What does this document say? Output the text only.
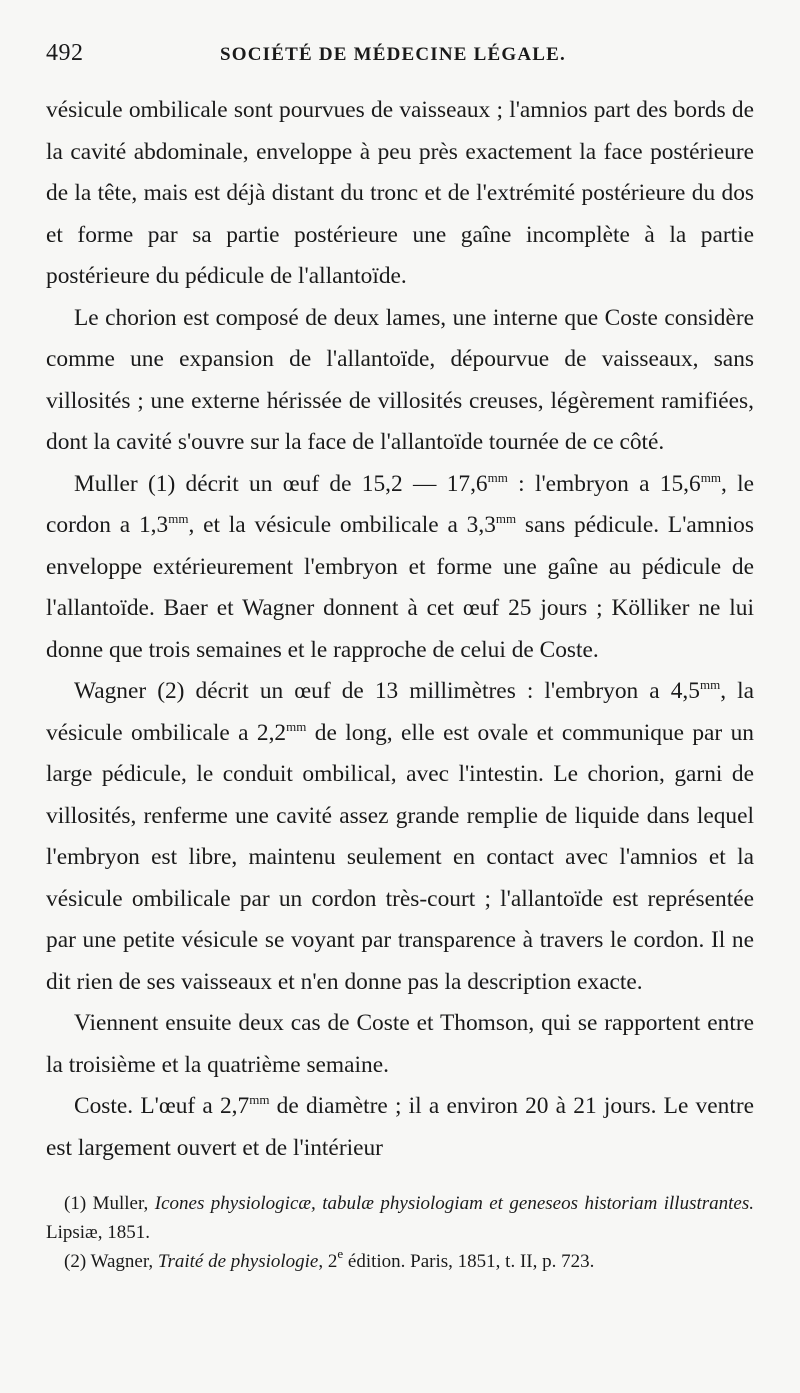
492	SOCIÉTÉ DE MÉDECINE LÉGALE.

vésicule ombilicale sont pourvues de vaisseaux ; l'amnios part des bords de la cavité abdominale, enveloppe à peu près exactement la face postérieure de la tête, mais est déjà distant du tronc et de l'extrémité postérieure du dos et forme par sa partie postérieure une gaîne incomplète à la partie postérieure du pédicule de l'allantoïde.

Le chorion est composé de deux lames, une interne que Coste considère comme une expansion de l'allantoïde, dépourvue de vaisseaux, sans villosités ; une externe hérissée de villosités creuses, légèrement ramifiées, dont la cavité s'ouvre sur la face de l'allantoïde tournée de ce côté.

Muller (1) décrit un œuf de 15,2 — $17,6^{mm}$ : l'embryon a $15,6^{mm}$, le cordon a $1,3^{mm}$, et la vésicule ombilicale a $3,3^{mm}$ sans pédicule. L'amnios enveloppe extérieurement l'embryon et forme une gaîne au pédicule de l'allantoïde. Baer et Wagner donnent à cet œuf 25 jours ; Kölliker ne lui donne que trois semaines et le rapproche de celui de Coste.

Wagner (2) décrit un œuf de 13 millimètres : l'embryon a $4,5^{mm}$, la vésicule ombilicale a $2,2^{mm}$ de long, elle est ovale et communique par un large pédicule, le conduit ombilical, avec l'intestin. Le chorion, garni de villosités, renferme une cavité assez grande remplie de liquide dans lequel l'embryon est libre, maintenu seulement en contact avec l'amnios et la vésicule ombilicale par un cordon très-court ; l'allantoïde est représentée par une petite vésicule se voyant par transparence à travers le cordon. Il ne dit rien de ses vaisseaux et n'en donne pas la description exacte.

Viennent ensuite deux cas de Coste et Thomson, qui se rapportent entre la troisième et la quatrième semaine.

Coste. L'œuf a $2,7^{mm}$ de diamètre ; il a environ 20 à 21 jours. Le ventre est largement ouvert et de l'intérieur

(1) Muller, Icones physiologicæ, tabulæ physiologiam et geneseos historiam illustrantes. Lipsiæ, 1851.

(2) Wagner, Traité de physiologie, 2e édition. Paris, 1851, t. II, p. 723.
